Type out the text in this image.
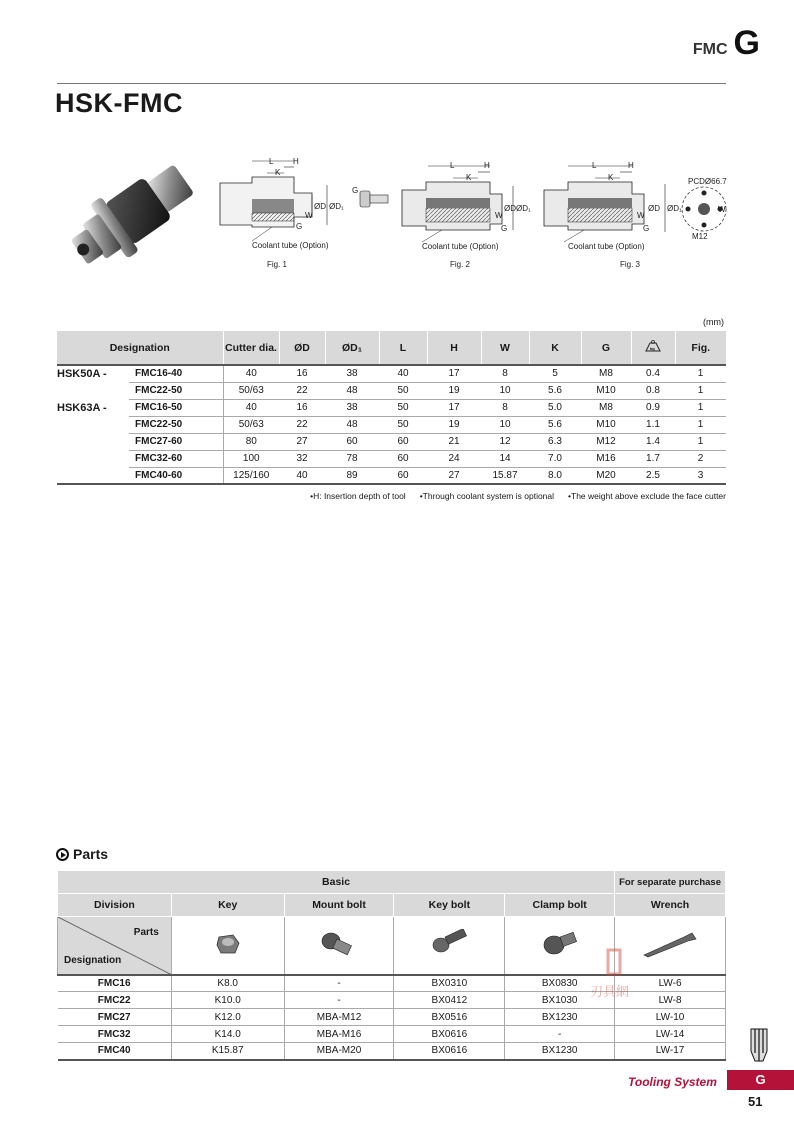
FMC G
HSK-FMC
L H
K
ØD ØD₁
W
G
G
Coolant tube (Option)
Fig. 1
L	H
K
ØD ØD₁
W
G
Coolant tube (Option)
Fig. 2
L	H
K
ØD ØD₁
W
G
PCDØ66.7
W
M12
Coolant tube (Option)
Fig. 3
(mm)
Designation		Cutter dia.	ØD	ØD₁	L	H	W	K	G	kg	Fig.
HSK50A -	FMC16-40	40	16	38	40	17	8	5	M8	0.4	1
	FMC22-50	50/63	22	48	50	19	10	5.6	M10	0.8	1
HSK63A -	FMC16-50	40	16	38	50	17	8	5.0	M8	0.9	1
	FMC22-50	50/63	22	48	50	19	10	5.6	M10	1.1	1
	FMC27-60	80	27	60	60	21	12	6.3	M12	1.4	1
	FMC32-60	100	32	78	60	24	14	7.0	M16	1.7	2
	FMC40-60	125/160	40	89	60	27	15.87	8.0	M20	2.5	3
•H: Insertion depth of tool •Through coolant system is optional •The weight above exclude the face cutter
Parts
Basic					For separate purchase
Division	Key	Mount bolt	Key bolt	Clamp bolt	Wrench

Parts
Designation

FMC16	K8.0	-	BX0310	BX0830	LW-6
FMC22	K10.0	-	BX0412	BX1030	LW-8
FMC27	K12.0	MBA-M12	BX0516	BX1230	LW-10
FMC32	K14.0	MBA-M16	BX0616	-	LW-14
FMC40	K15.87	MBA-M20	BX0616	BX1230	LW-17
刃具網
Tooling System	G
51
